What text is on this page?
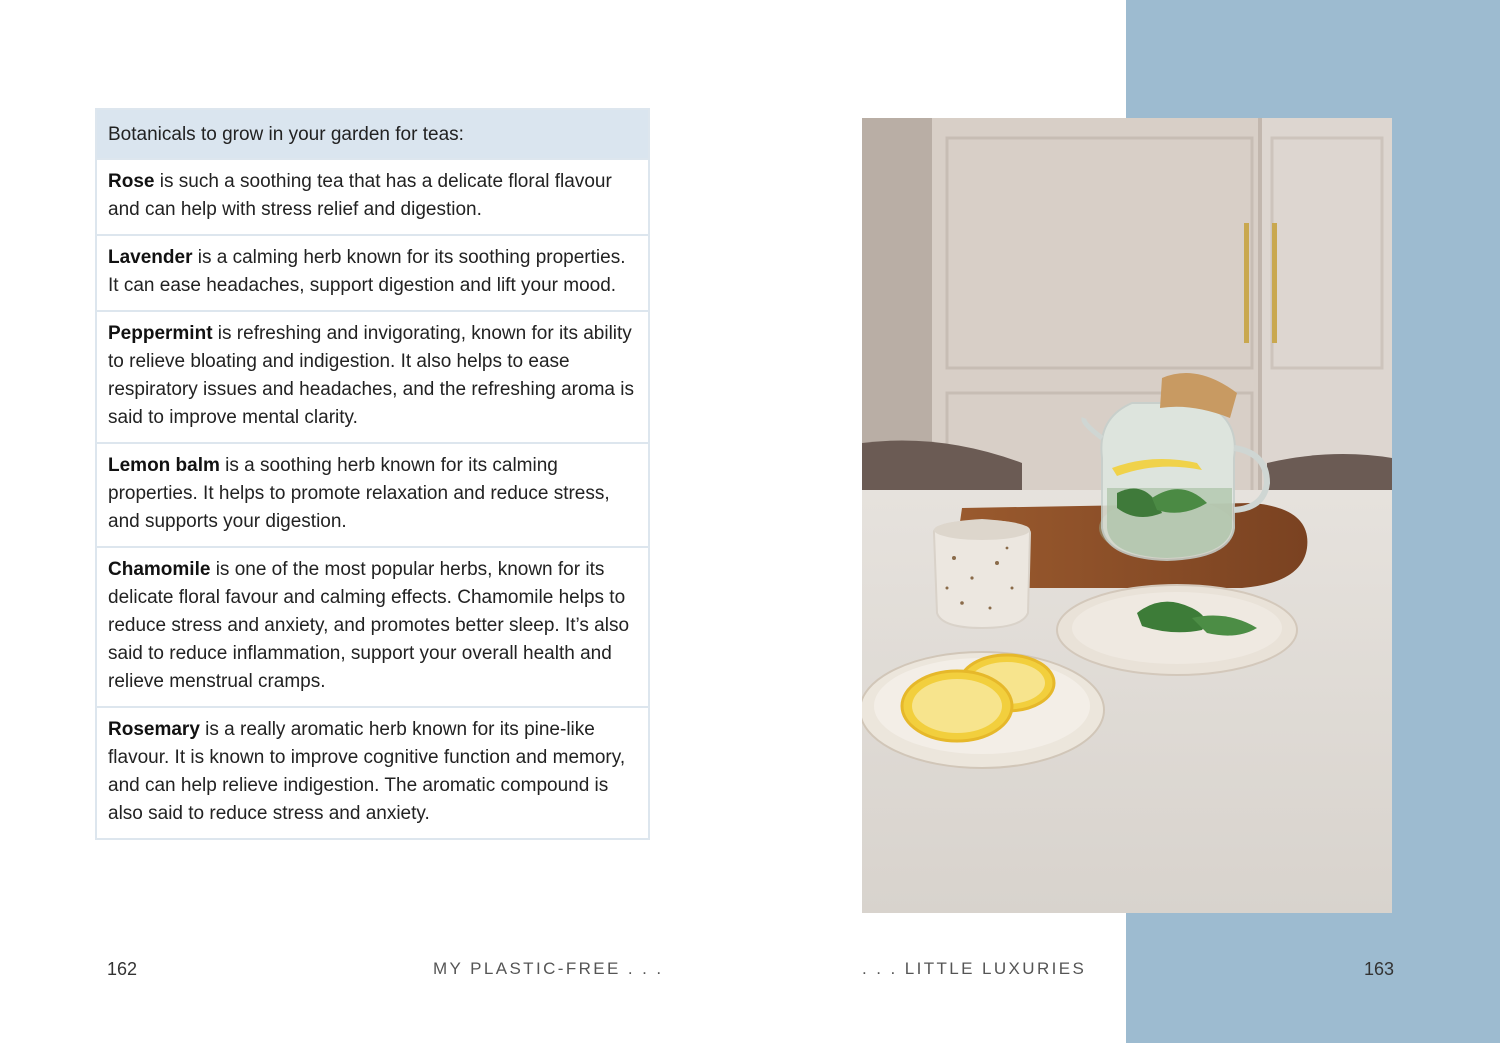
Botanicals to grow in your garden for teas:
Rose is such a soothing tea that has a delicate floral flavour and can help with stress relief and digestion.
Lavender is a calming herb known for its soothing properties. It can ease headaches, support digestion and lift your mood.
Peppermint is refreshing and invigorating, known for its ability to relieve bloating and indigestion. It also helps to ease respiratory issues and headaches, and the refreshing aroma is said to improve mental clarity.
Lemon balm is a soothing herb known for its calming properties. It helps to promote relaxation and reduce stress, and supports your digestion.
Chamomile is one of the most popular herbs, known for its delicate floral favour and calming effects. Chamomile helps to reduce stress and anxiety, and promotes better sleep. It’s also said to reduce inflammation, support your overall health and relieve menstrual cramps.
Rosemary is a really aromatic herb known for its pine-like flavour. It is known to improve cognitive function and memory, and can help relieve indigestion. The aromatic compound is also said to reduce stress and anxiety.
162	MY PLASTIC-FREE . . .	. . . LITTLE LUXURIES	163
